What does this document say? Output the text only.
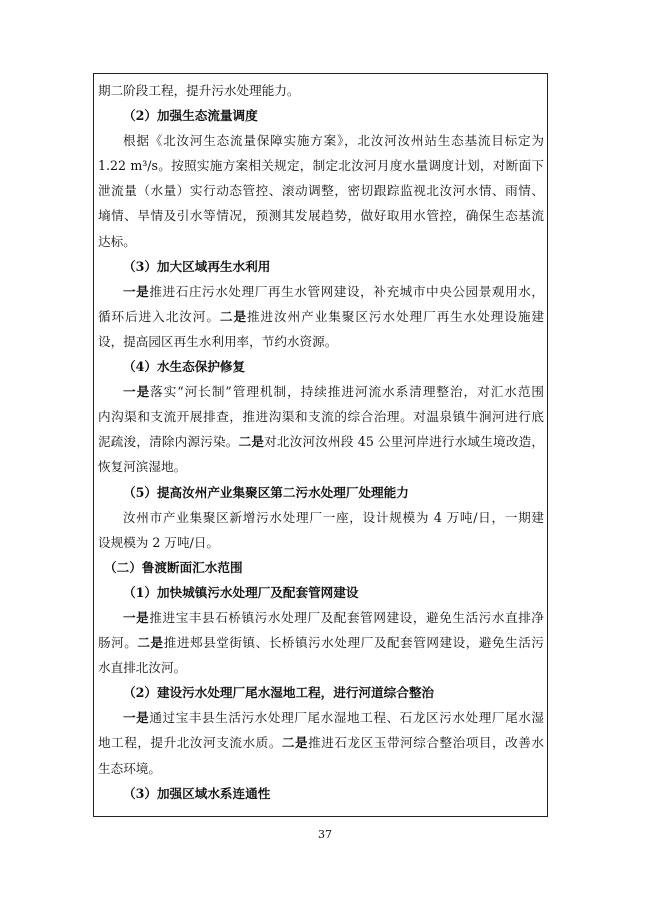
期二阶段工程，提升污水处理能力。
（2）加强生态流量调度
根据《北汝河生态流量保障实施方案》，北汝河汝州站生态基流目标定为
1.22 m³/s。按照实施方案相关规定，制定北汝河月度水量调度计划，对断面下
泄流量（水量）实行动态管控、滚动调整，密切跟踪监视北汝河水情、雨情、
墒情、旱情及引水等情况，预测其发展趋势，做好取用水管控，确保生态基流
达标。
（3）加大区域再生水利用
一是推进石庄污水处理厂再生水管网建设，补充城市中央公园景观用水，
循环后进入北汝河。二是推进汝州产业集聚区污水处理厂再生水处理设施建
设，提高园区再生水利用率，节约水资源。
（4）水生态保护修复
一是落实“河长制”管理机制，持续推进河流水系清理整治，对汇水范围
内沟渠和支流开展排查，推进沟渠和支流的综合治理。对温泉镇牛涧河进行底
泥疏浚，清除内源污染。二是对北汝河汝州段 45 公里河岸进行水域生境改造，
恢复河滨湿地。
（5）提高汝州产业集聚区第二污水处理厂处理能力
汝州市产业集聚区新增污水处理厂一座，设计规模为 4 万吨/日，一期建
设规模为 2 万吨/日。
（二）鲁渡断面汇水范围
（1）加快城镇污水处理厂及配套管网建设
一是推进宝丰县石桥镇污水处理厂及配套管网建设，避免生活污水直排净
肠河。二是推进郏县堂街镇、长桥镇污水处理厂及配套管网建设，避免生活污
水直排北汝河。
（2）建设污水处理厂尾水湿地工程，进行河道综合整治
一是通过宝丰县生活污水处理厂尾水湿地工程、石龙区污水处理厂尾水湿
地工程，提升北汝河支流水质。二是推进石龙区玉带河综合整治项目，改善水
生态环境。
（3）加强区域水系连通性
37
